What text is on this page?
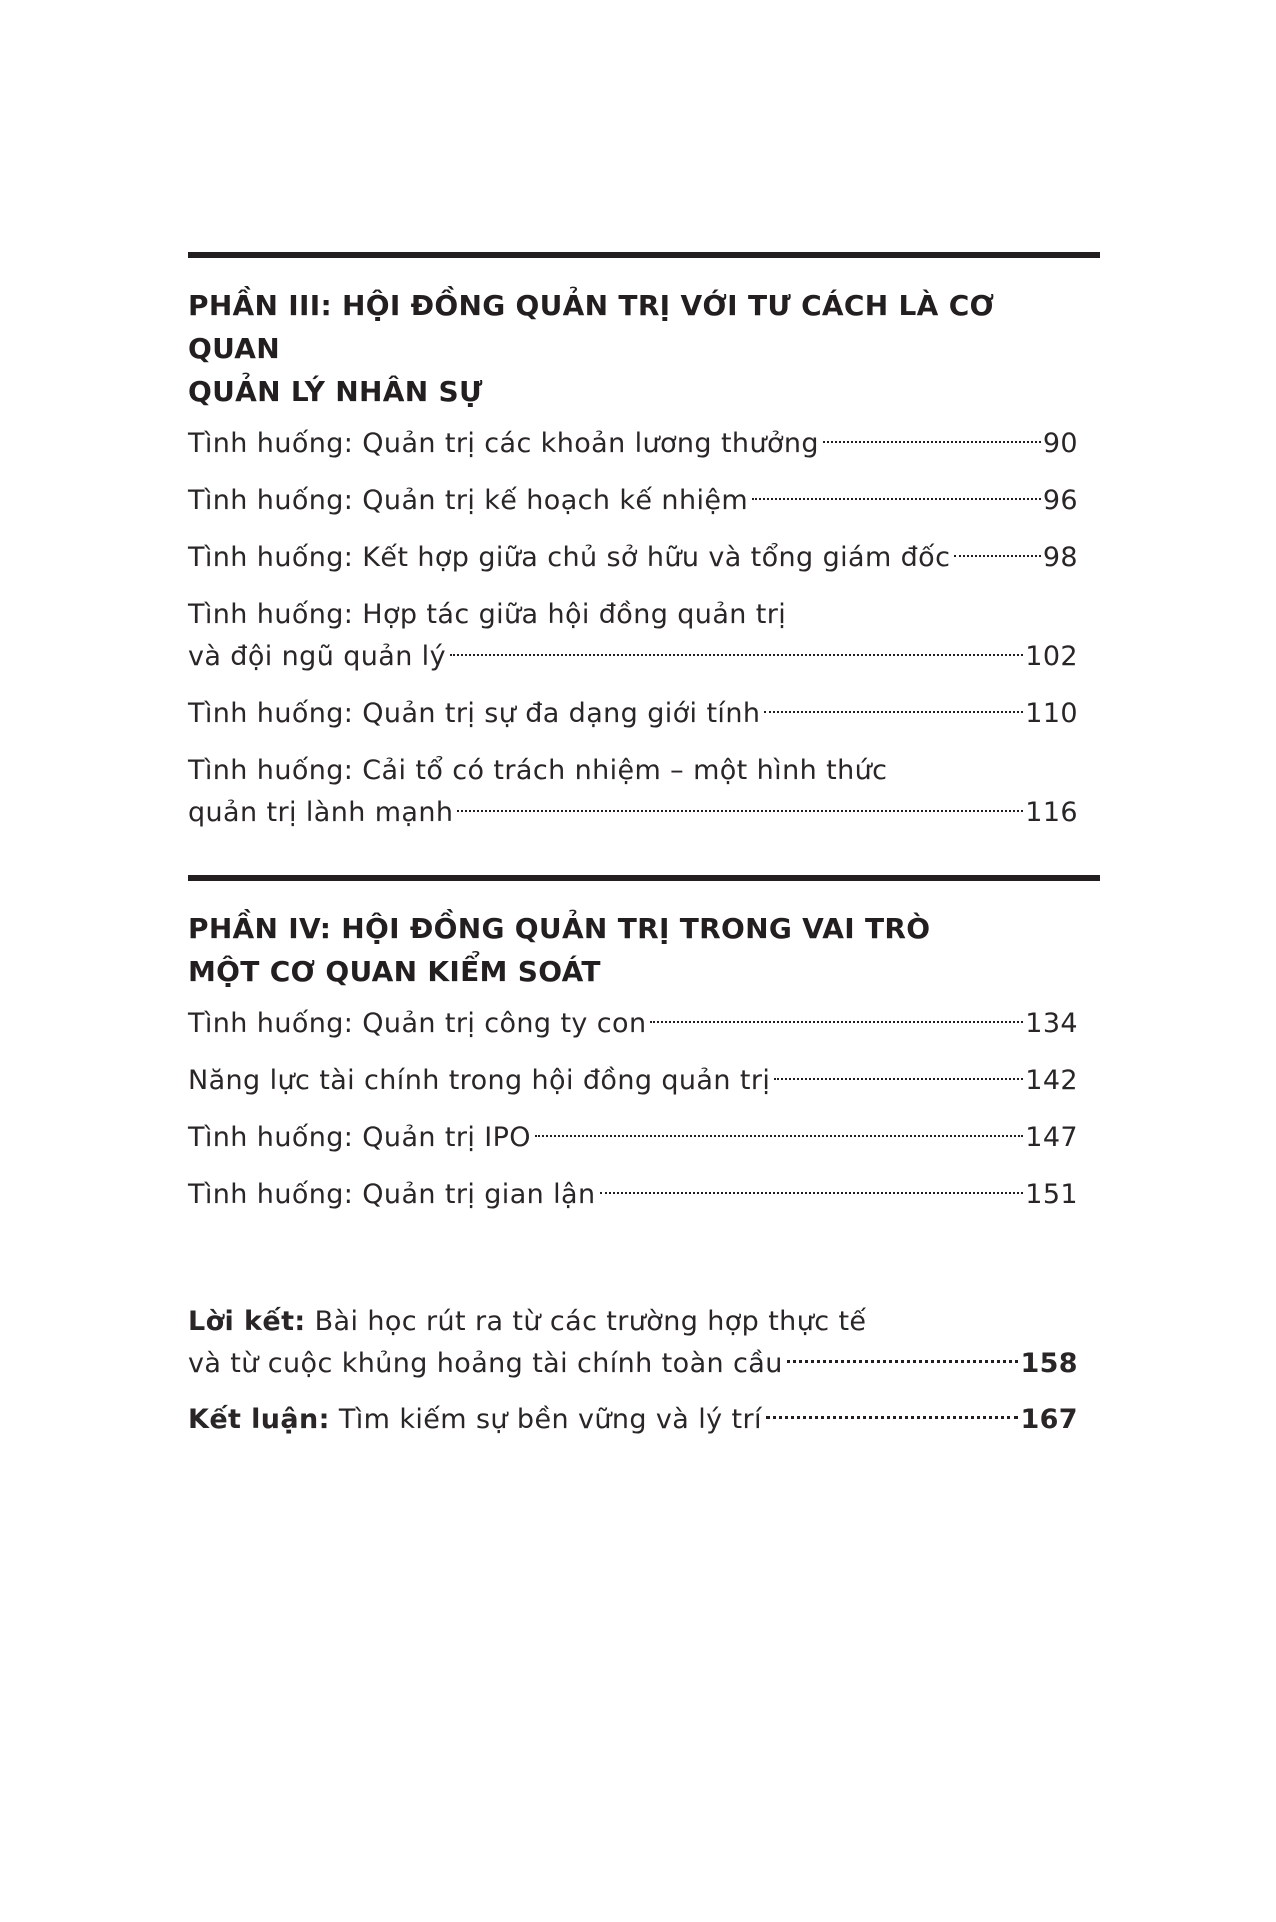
PHẦN III: HỘI ĐỒNG QUẢN TRỊ VỚI TƯ CÁCH LÀ CƠ QUAN
QUẢN LÝ NHÂN SỰ
Tình huống: Quản trị các khoản lương thưởng	90
Tình huống: Quản trị kế hoạch kế nhiệm	96
Tình huống: Kết hợp giữa chủ sở hữu và tổng giám đốc	98
Tình huống: Hợp tác giữa hội đồng quản trị
và đội ngũ quản lý	102
Tình huống: Quản trị sự đa dạng giới tính	110
Tình huống: Cải tổ có trách nhiệm – một hình thức
quản trị lành mạnh	116
PHẦN IV: HỘI ĐỒNG QUẢN TRỊ TRONG VAI TRÒ
MỘT CƠ QUAN KIỂM SOÁT
Tình huống: Quản trị công ty con	134
Năng lực tài chính trong hội đồng quản trị	142
Tình huống: Quản trị IPO	147
Tình huống: Quản trị gian lận	151
Lời kết: Bài học rút ra từ các trường hợp thực tế
và từ cuộc khủng hoảng tài chính toàn cầu	158
Kết luận: Tìm kiếm sự bền vững và lý trí	167
